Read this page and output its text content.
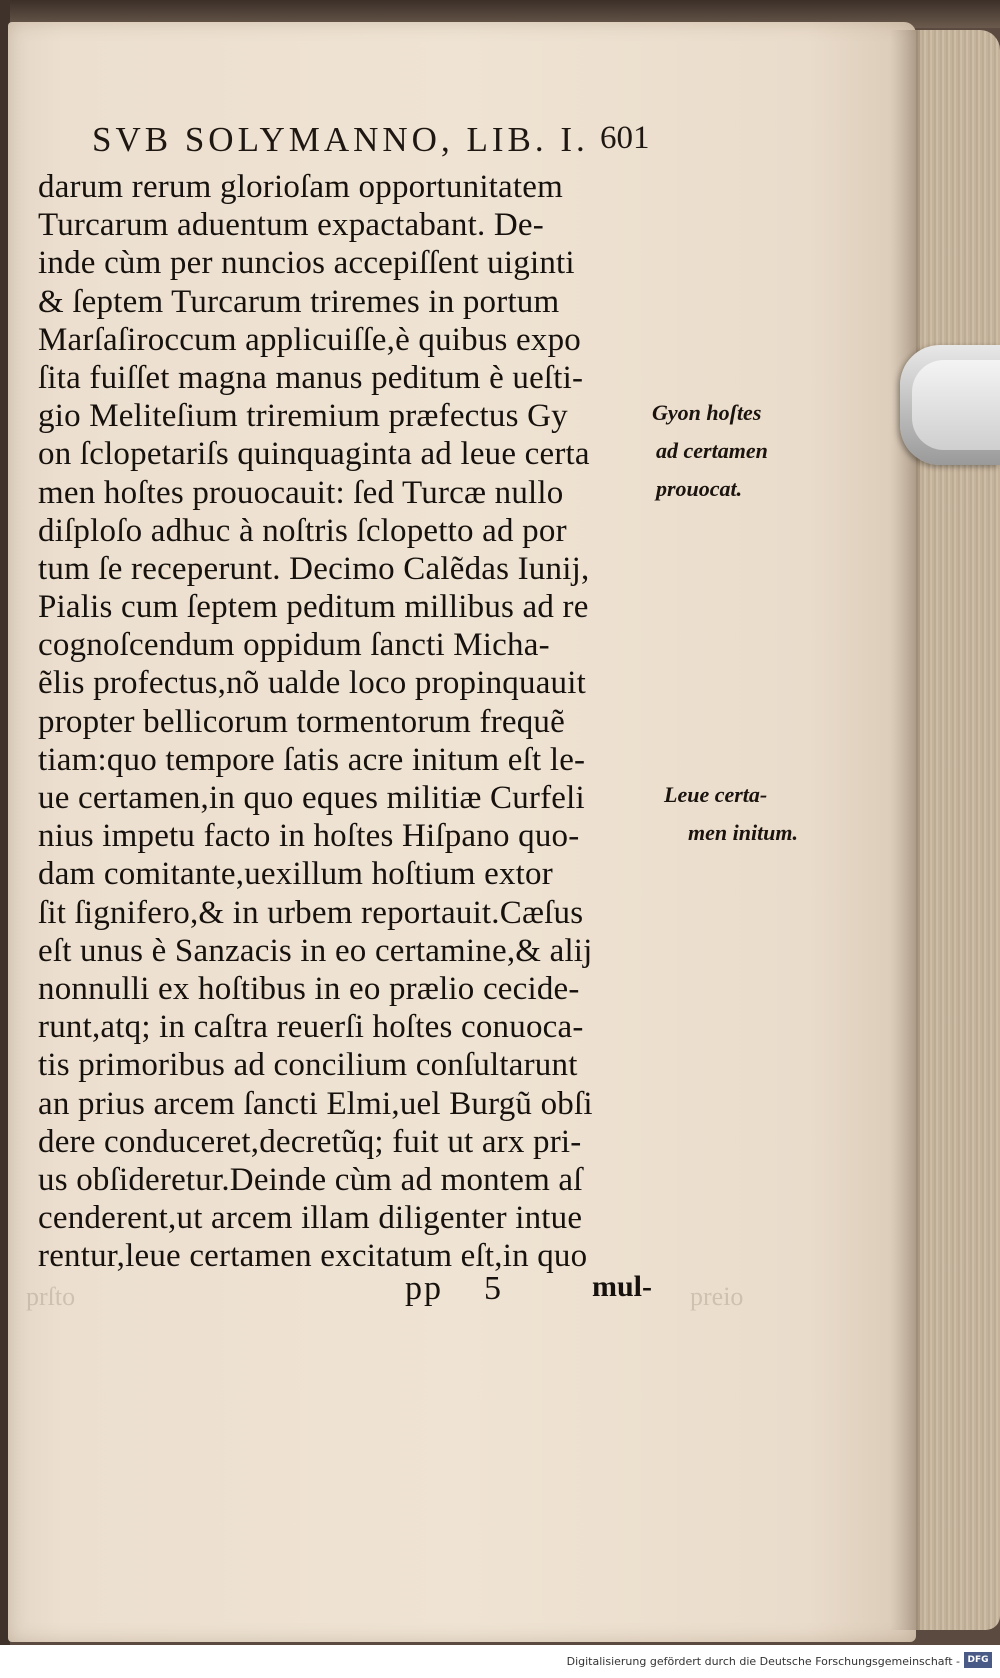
SVB SOLYMANNO, LIB. I. 601
darum rerum glorioſam opportunitatem
Turcarum aduentum expactabant. De-
inde cùm per nuncios accepiſſent uiginti
& ſeptem Turcarum triremes in portum
Marſaſiroccum applicuiſſe,è quibus expo
ſita fuiſſet magna manus peditum è ueſti-
gio Meliteſium triremium præfectus Gy
on ſclopetariſs quinquaginta ad leue certa
men hoſtes prouocauit: ſed Turcæ nullo
diſploſo adhuc à noſtris ſclopetto ad por
tum ſe receperunt. Decimo Calẽdas Iunij,
Pialis cum ſeptem peditum millibus ad re
cognoſcendum oppidum ſancti Micha-
ẽlis profectus,nõ ualde loco propinquauit
propter bellicorum tormentorum frequẽ
tiam:quo tempore ſatis acre initum eſt le-
ue certamen,in quo eques militiæ Curfeli
nius impetu facto in hoſtes Hiſpano quo-
dam comitante,uexillum hoſtium extor
ſit ſignifero,& in urbem reportauit.Cæſus
eſt unus è Sanzacis in eo certamine,& alij
nonnulli ex hoſtibus in eo prælio cecide-
runt,atq; in caſtra reuerſi hoſtes conuoca-
tis primoribus ad concilium conſultarunt
an prius arcem ſancti Elmi,uel Burgũ obſi
dere conduceret,decretũq; fuit ut arx pri-
us obſideretur.Deinde cùm ad montem aſ
cenderent,ut arcem illam diligenter intue
rentur,leue certamen excitatum eſt,in quo
Gyon hoſtes
ad certamen
prouocat.
Leue certa-
men initum.
prſto	preio
pp 5	mul-
Digitalisierung gefördert durch die Deutsche Forschungsgemeinschaft - DFG
